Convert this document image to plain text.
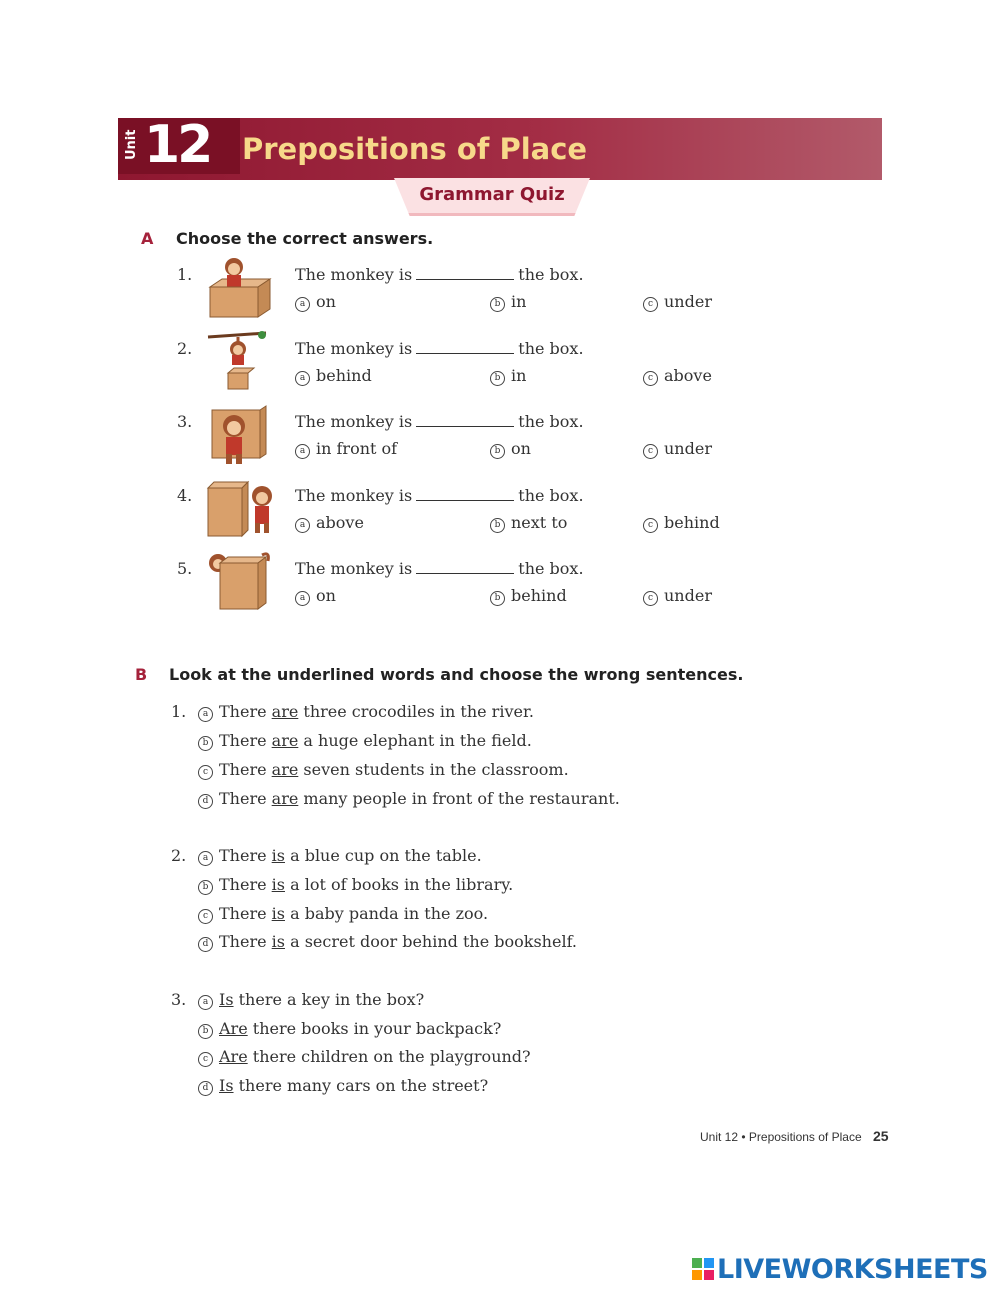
Unit 12 Prepositions of Place
Grammar Quiz
A Choose the correct answers.
1.	The monkey is	the box.
a on	b in	c under
2.	The monkey is	the box.
a behind	b in	c above
3.	The monkey is	the box.
a in front of	b on	c under
4.	The monkey is	the box.
a above	b next to	c behind
5.	The monkey is	the box.
a on	b behind	c under
B Look at the underlined words and choose the wrong sentences.
1.	a There are three crocodiles in the river.
b There are a huge elephant in the field.
c There are seven students in the classroom.
d There are many people in front of the restaurant.
2.	a There is a blue cup on the table.
b There is a lot of books in the library.
c There is a baby panda in the zoo.
d There is a secret door behind the bookshelf.
3.	a Is there a key in the box?
b Are there books in your backpack?
c Are there children on the playground?
d Is there many cars on the street?
Unit 12 • Prepositions of Place 25
LIVEWORKSHEETS
